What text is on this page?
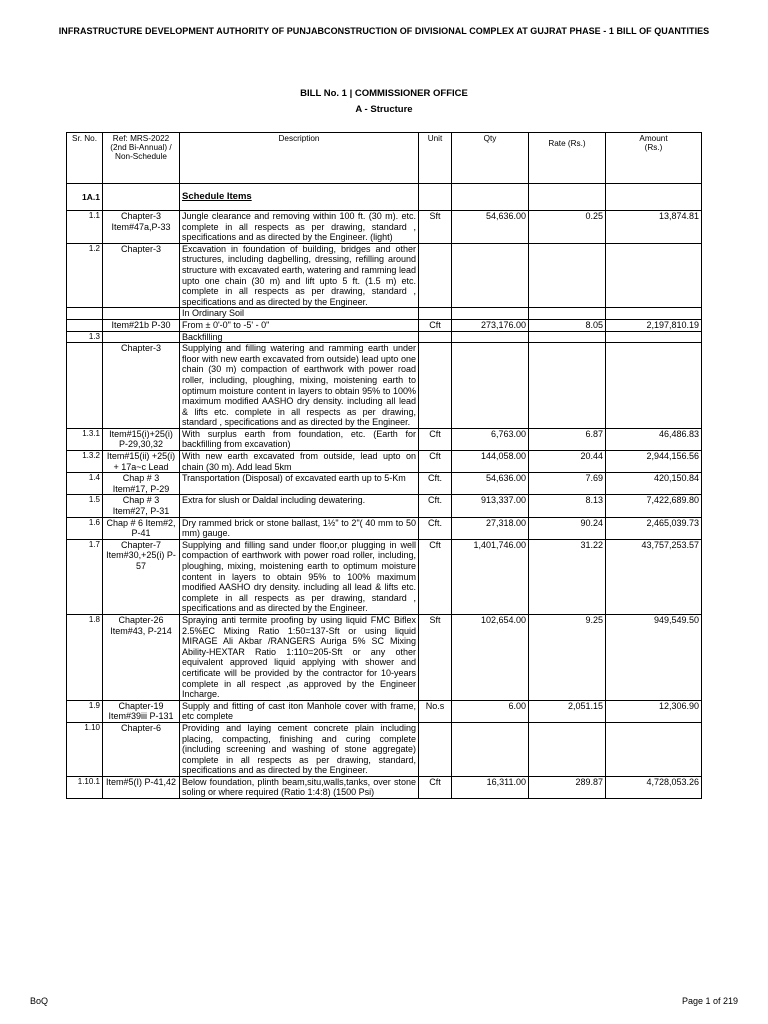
INFRASTRUCTURE DEVELOPMENT AUTHORITY OF PUNJABCONSTRUCTION OF DIVISIONAL COMPLEX AT GUJRAT PHASE - 1 BILL OF QUANTITIES
BILL No. 1 | COMMISSIONER OFFICE
A - Structure
Sr. No.	Ref: MRS-2022 (2nd Bi-Annual) / Non-Schedule	Description	Unit	Qty	Rate (Rs.)	Amount (Rs.)
1A.1		Schedule Items				
1.1	Chapter-3 Item#47a,P-33	Jungle clearance and removing within 100 ft. (30 m). etc. complete in all respects as per drawing, standard , specifications and as directed by the Engineer. (light)	Sft	54,636.00	0.25	13,874.81
1.2	Chapter-3	Excavation in foundation of building, bridges and other structures, including dagbelling, dressing, refilling around structure with excavated earth, watering and ramming lead upto one chain (30 m) and lift upto 5 ft. (1.5 m) etc. complete in all respects as per drawing, standard , specifications and as directed by the Engineer.				
		In Ordinary Soil				
	Item#21b P-30	From ± 0'-0" to -5' - 0"	Cft	273,176.00	8.05	2,197,810.19
1.3		Backfilling				
	Chapter-3	Supplying and filling watering and ramming earth under floor with new earth excavated from outside) lead upto one chain (30 m) compaction of earthwork with power road roller, including, ploughing, mixing, moistening earth to optimum moisture content in layers to obtain 95% to 100% maximum modified AASHO dry density. including all lead & lifts etc. complete in all respects as per drawing, standard , specifications and as directed by the Engineer.				
1.3.1	Item#15(i)+25(i) P-29,30,32	With surplus earth from foundation, etc. (Earth for backfilling from excavation)	Cft	6,763.00	6.87	46,486.83
1.3.2	Item#15(ii) +25(i) + 17a~c Lead	With new earth excavated from outside, lead upto on chain (30 m). Add lead 5km	Cft	144,058.00	20.44	2,944,156.56
1.4	Chap # 3 Item#17, P-29	Transportation (Disposal) of excavated earth up to 5-Km	Cft.	54,636.00	7.69	420,150.84
1.5	Chap # 3 Item#27, P-31	Extra for slush or Daldal including dewatering.	Cft.	913,337.00	8.13	7,422,689.80
1.6	Chap # 6 Item#2, P-41	Dry rammed brick or stone ballast, 1½" to 2"( 40 mm to 50 mm) gauge.	Cft.	27,318.00	90.24	2,465,039.73
1.7	Chapter-7 Item#30,+25(i) P-57	Supplying and filling sand under floor,or plugging in well compaction of earthwork with power road roller, including, ploughing, mixing, moistening earth to optimum moisture content in layers to obtain 95% to 100% maximum modified AASHO dry density. including all lead & lifts etc. complete in all respects as per drawing, standard , specifications and as directed by the Engineer.	Cft	1,401,746.00	31.22	43,757,253.57
1.8	Chapter-26 Item#43, P-214	Spraying anti termite proofing by using liquid FMC Biflex 2.5%EC Mixing Ratio 1:50=137-Sft or using liquid MIRAGE Ali Akbar /RANGERS Auriga 5% SC Mixing Ability-HEXTAR Ratio 1:110=205-Sft or any other equivalent approved liquid applying with shower and certificate will be provided by the contractor for 10-years complete in all respect ,as approved by the Engineer Incharge.	Sft	102,654.00	9.25	949,549.50
1.9	Chapter-19 Item#39iii P-131	Supply and fitting of cast iton Manhole cover with frame, etc complete	No.s	6.00	2,051.15	12,306.90
1.10	Chapter-6	Providing and laying cement concrete plain including placing, compacting, finishing and curing complete (including screening and washing of stone aggregate) complete in all respects as per drawing, standard, specifications and as directed by the Engineer.				
1.10.1	Item#5(I) P-41,42	Below foundation, plinth beam,situ,walls,tanks, over stone soling or where required (Ratio 1:4:8) (1500 Psi)	Cft	16,311.00	289.87	4,728,053.26
BoQ	Page 1 of 219
